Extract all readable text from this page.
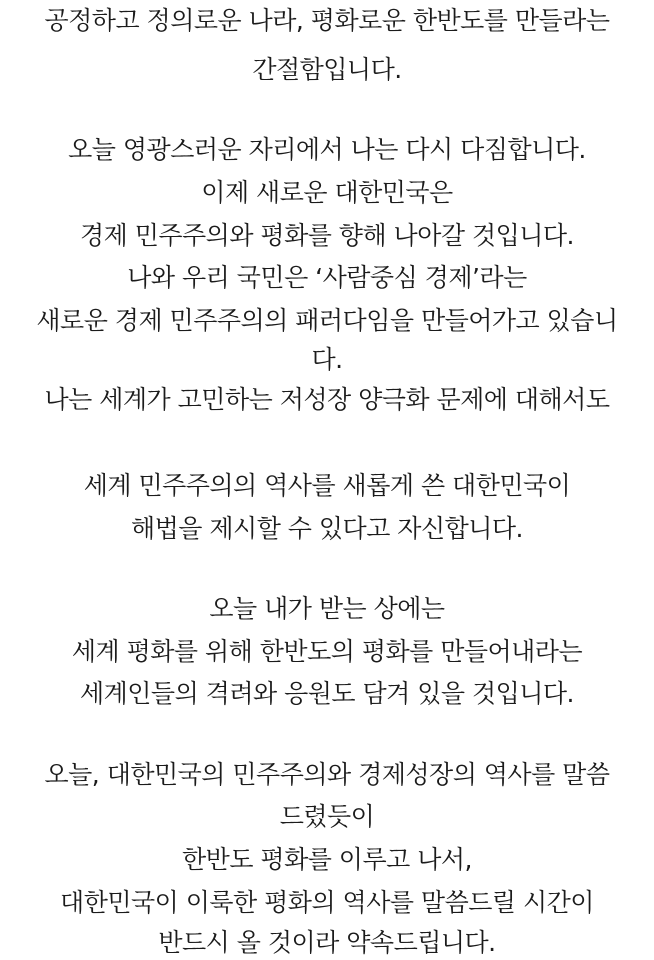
공정하고 정의로운 나라, 평화로운 한반도를 만들라는
간절함입니다.
오늘 영광스러운 자리에서 나는 다시 다짐합니다.
이제 새로운 대한민국은
경제 민주주의와 평화를 향해 나아갈 것입니다.
나와 우리 국민은 ‘사람중심 경제’라는
새로운 경제 민주주의의 패러다임을 만들어가고 있습니
다.
나는 세계가 고민하는 저성장 양극화 문제에 대해서도
세계 민주주의의 역사를 새롭게 쓴 대한민국이
해법을 제시할 수 있다고 자신합니다.
오늘 내가 받는 상에는
세계 평화를 위해 한반도의 평화를 만들어내라는
세계인들의 격려와 응원도 담겨 있을 것입니다.
오늘, 대한민국의 민주주의와 경제성장의 역사를 말씀
드렸듯이
한반도 평화를 이루고 나서,
대한민국이 이룩한 평화의 역사를 말씀드릴 시간이
반드시 올 것이라 약속드립니다.
